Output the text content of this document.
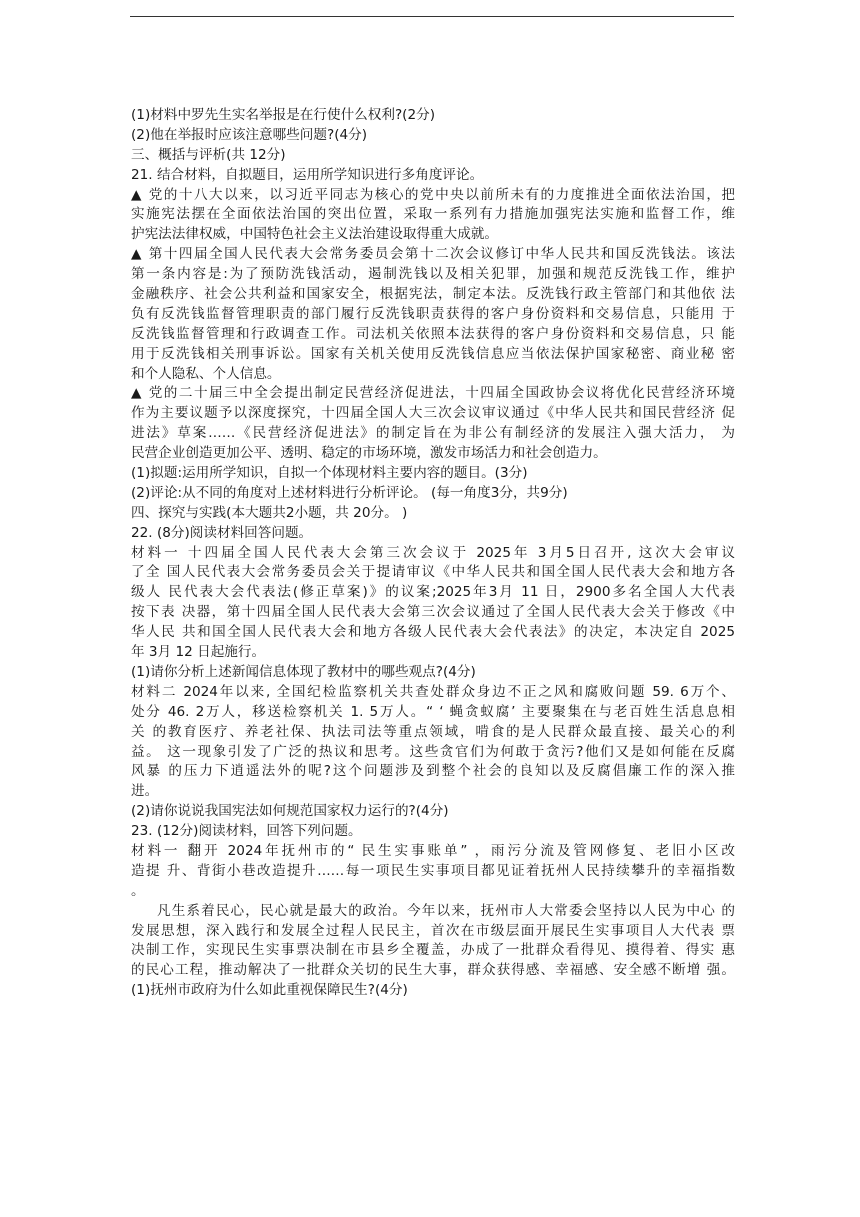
(1)材料中罗先生实名举报是在行使什么权利?(2分)
(2)他在举报时应该注意哪些问题?(4分)
三、概括与评析(共 12分)
21. 结合材料，自拟题目，运用所学知识进行多角度评论。
▲ 党的十八大以来，以习近平同志为核心的党中央以前所未有的力度推进全面依法治国，把
实施宪法摆在全面依法治国的突出位置，采取一系列有力措施加强宪法实施和监督工作，维
护宪法法律权威，中国特色社会主义法治建设取得重大成就。
▲ 第十四届全国人民代表大会常务委员会第十二次会议修订中华人民共和国反洗钱法。该法
第一条内容是:为了预防洗钱活动，遏制洗钱以及相关犯罪，加强和规范反洗钱工作，维护
金融秩序、社会公共利益和国家安全，根据宪法，制定本法。反洗钱行政主管部门和其他依 法
负有反洗钱监督管理职责的部门履行反洗钱职责获得的客户身份资料和交易信息，只能用 于
反洗钱监督管理和行政调查工作。司法机关依照本法获得的客户身份资料和交易信息，只 能
用于反洗钱相关刑事诉讼。国家有关机关使用反洗钱信息应当依法保护国家秘密、商业秘 密
和个人隐私、个人信息。
▲ 党的二十届三中全会提出制定民营经济促进法，十四届全国政协会议将优化民营经济环境
作为主要议题予以深度探究，十四届全国人大三次会议审议通过《中华人民共和国民营经济 促
进法》草案……《民营经济促进法》的制定旨在为非公有制经济的发展注入强大活力， 为
民营企业创造更加公平、透明、稳定的市场环境，激发市场活力和社会创造力。
(1)拟题:运用所学知识，自拟一个体现材料主要内容的题目。(3分)
(2)评论:从不同的角度对上述材料进行分析评论。 (每一角度3分，共9分)
四、探究与实践(本大题共2小题，共 20分。 )
22. (8分)阅读材料回答问题。
材料一 十四届全国人民代表大会第三次会议于 2025年 3月5日召开, 这次大会审议
了全 国人民代表大会常务委员会关于提请审议《中华人民共和国全国人民代表大会和地方各
级人 民代表大会代表法(修正草案)》的议案;2025年3月 11 日，2900多名全国人大代表
按下表 决器，第十四届全国人民代表大会第三次会议通过了全国人民代表大会关于修改《中
华人民 共和国全国人民代表大会和地方各级人民代表大会代表法》的决定，本决定自 2025
年 3月 12 日起施行。
(1)请你分析上述新闻信息体现了教材中的哪些观点?(4分)
材料二 2024年以来, 全国纪检监察机关共查处群众身边不正之风和腐败问题 59. 6万个、
处分 46. 2万人，移送检察机关 1. 5万人。“ ‘ 蝇贪蚁腐’ 主要聚集在与老百姓生活息息相
关 的教育医疗、养老社保、执法司法等重点领域，啃食的是人民群众最直接、最关心的利
益。 这一现象引发了广泛的热议和思考。这些贪官们为何敢于贪污?他们又是如何能在反腐
风暴 的压力下逍遥法外的呢?这个问题涉及到整个社会的良知以及反腐倡廉工作的深入推
进。
(2)请你说说我国宪法如何规范国家权力运行的?(4分)
23. (12分)阅读材料，回答下列问题。
材料一 翻开 2024年抚州市的“ 民生实事账单” ，雨污分流及管网修复、老旧小区改
造提 升、背街小巷改造提升……每一项民生实事项目都见证着抚州人民持续攀升的幸福指数
。
凡生系着民心，民心就是最大的政治。今年以来，抚州市人大常委会坚持以人民为中心 的
发展思想，深入践行和发展全过程人民民主，首次在市级层面开展民生实事项目人大代表 票
决制工作，实现民生实事票决制在市县乡全覆盖，办成了一批群众看得见、摸得着、得实 惠
的民心工程，推动解决了一批群众关切的民生大事，群众获得感、幸福感、安全感不断增 强。
(1)抚州市政府为什么如此重视保障民生?(4分)
